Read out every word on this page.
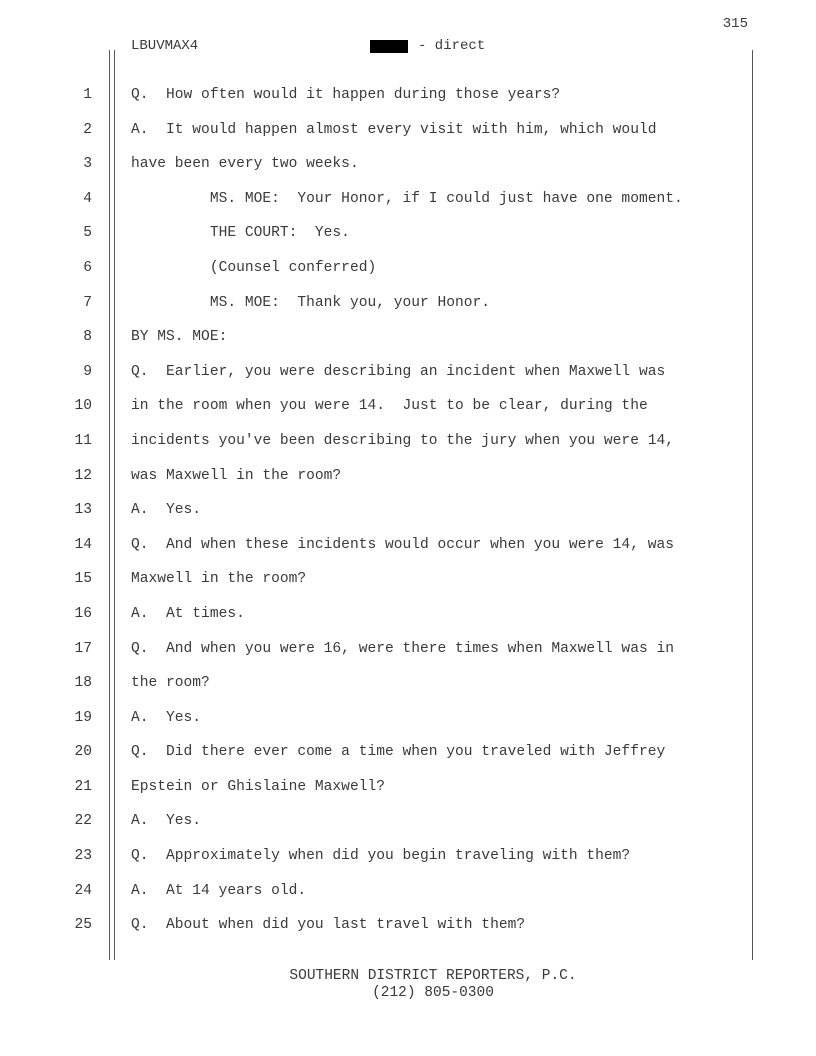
315
LBUVMAX4	- direct
1	Q.  How often would it happen during those years?
2	A.  It would happen almost every visit with him, which would
3	have been every two weeks.
4	MS. MOE:  Your Honor, if I could just have one moment.
5	THE COURT:  Yes.
6	(Counsel conferred)
7	MS. MOE:  Thank you, your Honor.
8	BY MS. MOE:
9	Q.  Earlier, you were describing an incident when Maxwell was
10	in the room when you were 14.  Just to be clear, during the
11	incidents you've been describing to the jury when you were 14,
12	was Maxwell in the room?
13	A.  Yes.
14	Q.  And when these incidents would occur when you were 14, was
15	Maxwell in the room?
16	A.  At times.
17	Q.  And when you were 16, were there times when Maxwell was in
18	the room?
19	A.  Yes.
20	Q.  Did there ever come a time when you traveled with Jeffrey
21	Epstein or Ghislaine Maxwell?
22	A.  Yes.
23	Q.  Approximately when did you begin traveling with them?
24	A.  At 14 years old.
25	Q.  About when did you last travel with them?
SOUTHERN DISTRICT REPORTERS, P.C.
(212) 805-0300
